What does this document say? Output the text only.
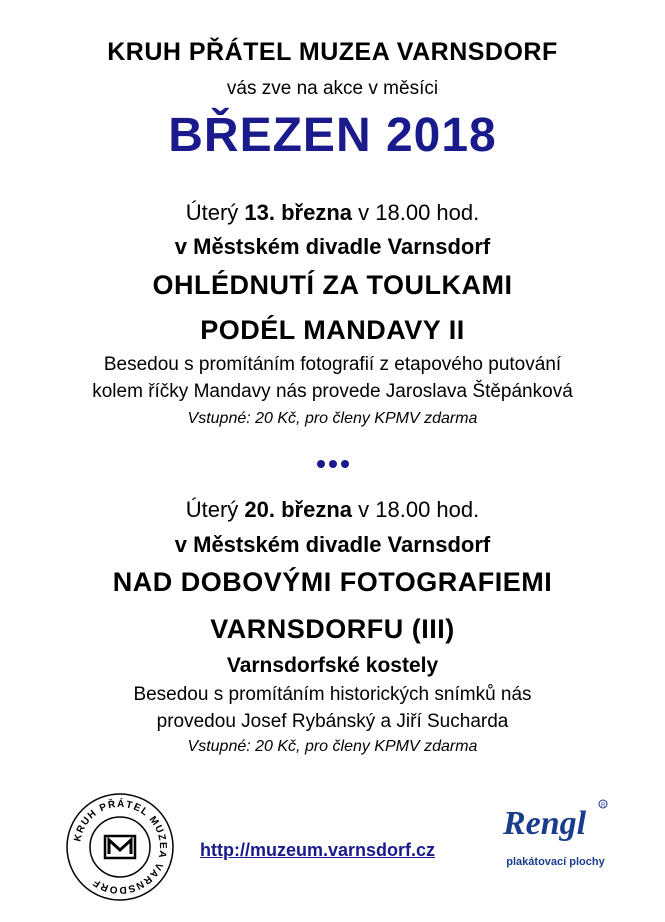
KRUH PŘÁTEL MUZEA VARNSDORF
vás zve na akce v měsíci
BŘEZEN 2018
Úterý 13. března v 18.00 hod.
v Městském divadle Varnsdorf
OHLÉDNUTÍ ZA TOULKAMI
PODÉL MANDAVY II
Besedou s promítáním fotografií z etapového putování
kolem říčky Mandavy nás provede Jaroslava Štěpánková
Vstupné: 20 Kč, pro členy KPMV zdarma
Úterý 20. března v 18.00 hod.
v Městském divadle Varnsdorf
NAD DOBOVÝMI FOTOGRAFIEMI
VARNSDORFU (III)
Varnsdorfské kostely
Besedou s promítáním historických snímků nás
provedou Josef Rybánský a Jiří Sucharda
Vstupné: 20 Kč, pro členy KPMV zdarma
KRUH PŘÁTEL MUZEA VARNSDORF
http://muzeum.varnsdorf.cz
Rengl R
plakátovací plochy
